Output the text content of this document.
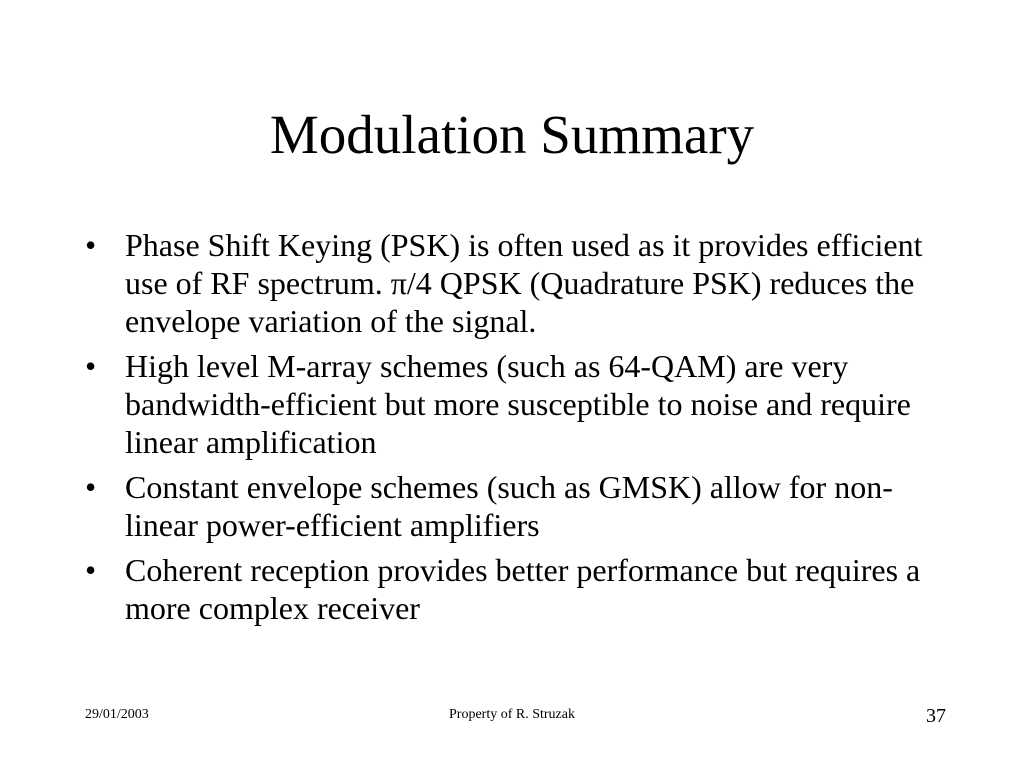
Modulation Summary
• Phase Shift Keying (PSK) is often used as it provides efficient use of RF spectrum. π/4 QPSK (Quadrature PSK) reduces the envelope variation of the signal.
• High level M-array schemes (such as 64-QAM) are very bandwidth-efficient but more susceptible to noise and require linear amplification
• Constant envelope schemes (such as GMSK) allow for non-linear power-efficient amplifiers
• Coherent reception provides better performance but requires a more complex receiver
29/01/2003	Property of R. Struzak	37
